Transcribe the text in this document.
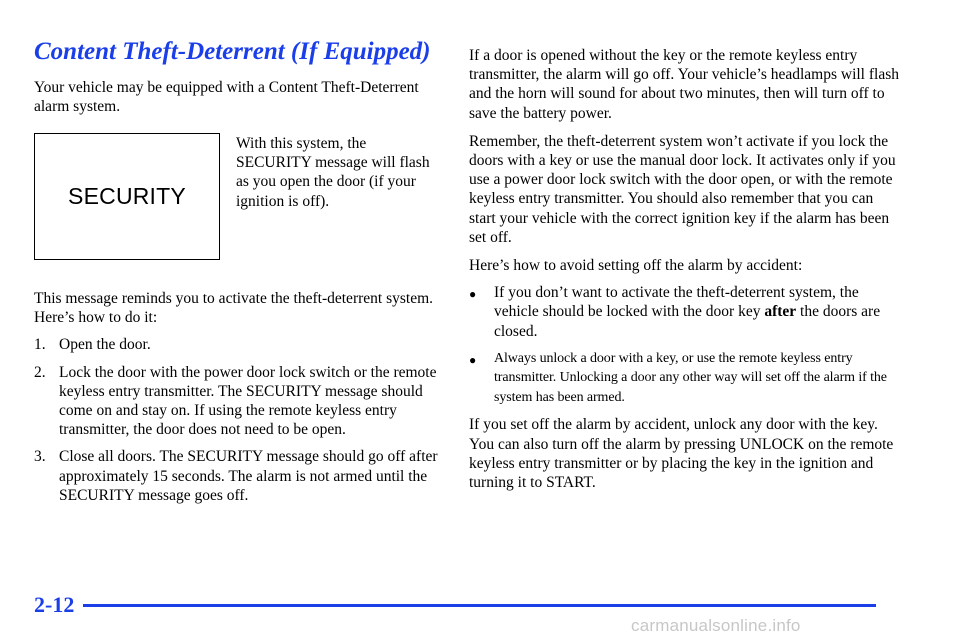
Content Theft-Deterrent (If Equipped)

Your vehicle may be equipped with a Content Theft-Deterrent alarm system.

SECURITY

With this system, the SECURITY message will flash as you open the door (if your ignition is off).

This message reminds you to activate the theft-deterrent system. Here’s how to do it:

1. Open the door.
2. Lock the door with the power door lock switch or the remote keyless entry transmitter. The SECURITY message should come on and stay on. If using the remote keyless entry transmitter, the door does not need to be open.
3. Close all doors. The SECURITY message should go off after approximately 15 seconds. The alarm is not armed until the SECURITY message goes off.

If a door is opened without the key or the remote keyless entry transmitter, the alarm will go off. Your vehicle’s headlamps will flash and the horn will sound for about two minutes, then will turn off to save the battery power.

Remember, the theft-deterrent system won’t activate if you lock the doors with a key or use the manual door lock. It activates only if you use a power door lock switch with the door open, or with the remote keyless entry transmitter. You should also remember that you can start your vehicle with the correct ignition key if the alarm has been set off.

Here’s how to avoid setting off the alarm by accident:

●	If you don’t want to activate the theft-deterrent system, the vehicle should be locked with the door key after the doors are closed.
●	Always unlock a door with a key, or use the remote keyless entry transmitter. Unlocking a door any other way will set off the alarm if the system has been armed.

If you set off the alarm by accident, unlock any door with the key. You can also turn off the alarm by pressing UNLOCK on the remote keyless entry transmitter or by placing the key in the ignition and turning it to START.

2-12

carmanualsonline.info
